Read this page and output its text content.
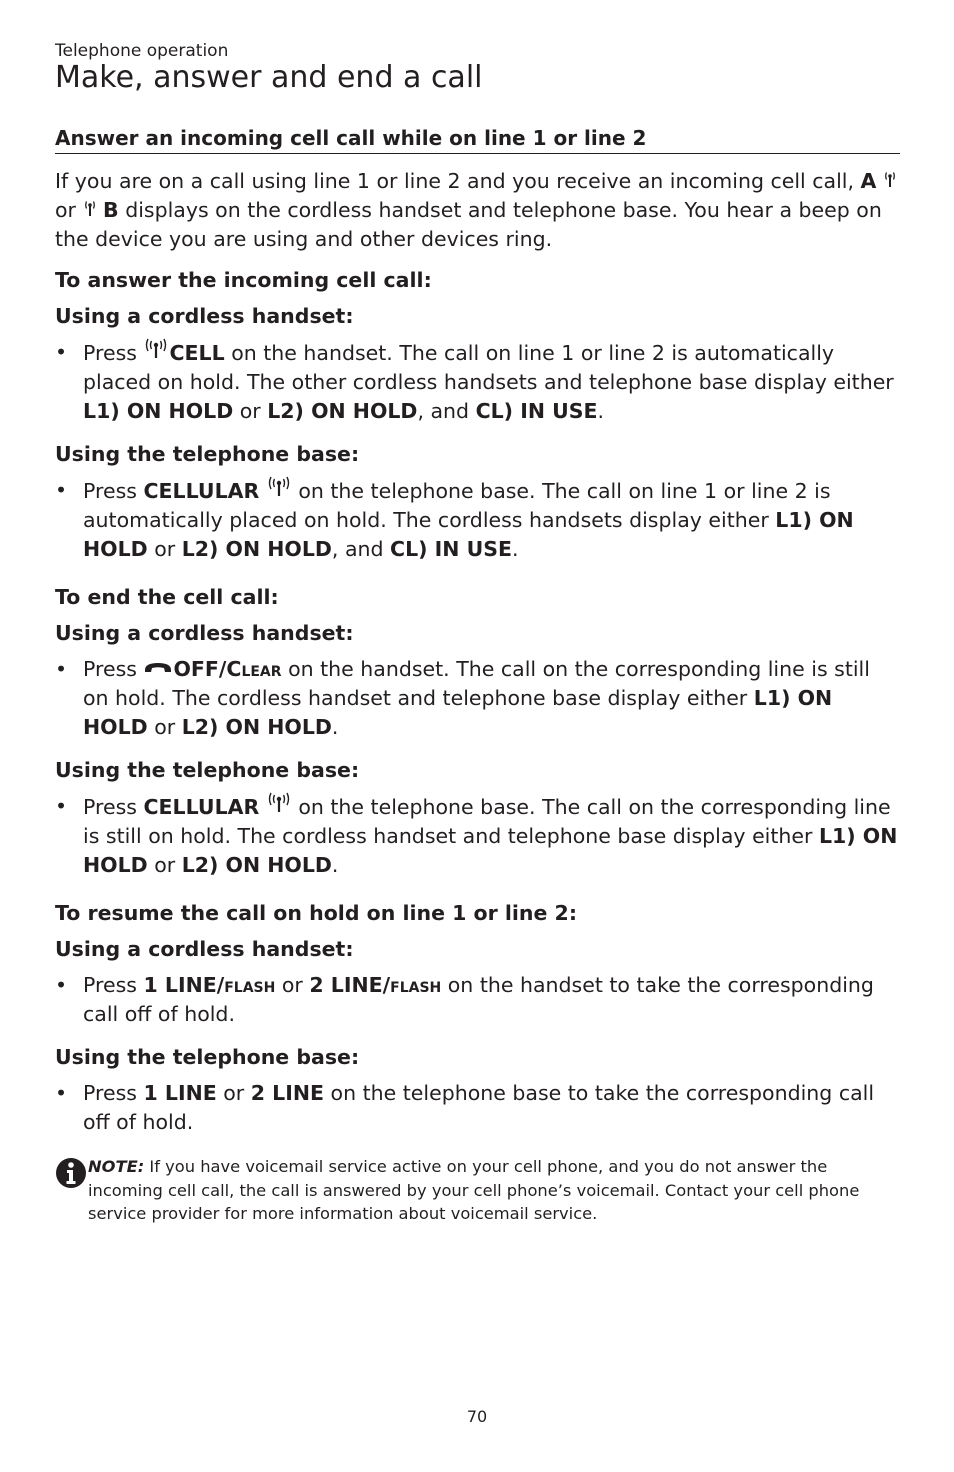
Telephone operation
Make, answer and end a call
Answer an incoming cell call while on line 1 or line 2

If you are on a call using line 1 or line 2 and you receive an incoming cell call, A  or  B displays on the cordless handset and telephone base. You hear a beep on the device you are using and other devices ring.

To answer the incoming cell call:

Using a cordless handset:

• Press CELL on the handset. The call on line 1 or line 2 is automatically placed on hold. The other cordless handsets and telephone base display either L1) ON HOLD or L2) ON HOLD, and CL) IN USE.

Using the telephone base:

• Press CELLULAR  on the telephone base. The call on line 1 or line 2 is automatically placed on hold. The cordless handsets display either L1) ON HOLD or L2) ON HOLD, and CL) IN USE.

To end the cell call:

Using a cordless handset:

• Press OFF/Clear on the handset. The call on the corresponding line is still on hold. The cordless handset and telephone base display either L1) ON HOLD or L2) ON HOLD.

Using the telephone base:

• Press CELLULAR  on the telephone base. The call on the corresponding line is still on hold. The cordless handset and telephone base display either L1) ON HOLD or L2) ON HOLD.

To resume the call on hold on line 1 or line 2:

Using a cordless handset:

• Press 1 LINE/flash or 2 LINE/flash on the handset to take the corresponding call off of hold.

Using the telephone base:

• Press 1 LINE or 2 LINE on the telephone base to take the corresponding call off of hold.

NOTE: If you have voicemail service active on your cell phone, and you do not answer the incoming cell call, the call is answered by your cell phone’s voicemail. Contact your cell phone service provider for more information about voicemail service.

70
